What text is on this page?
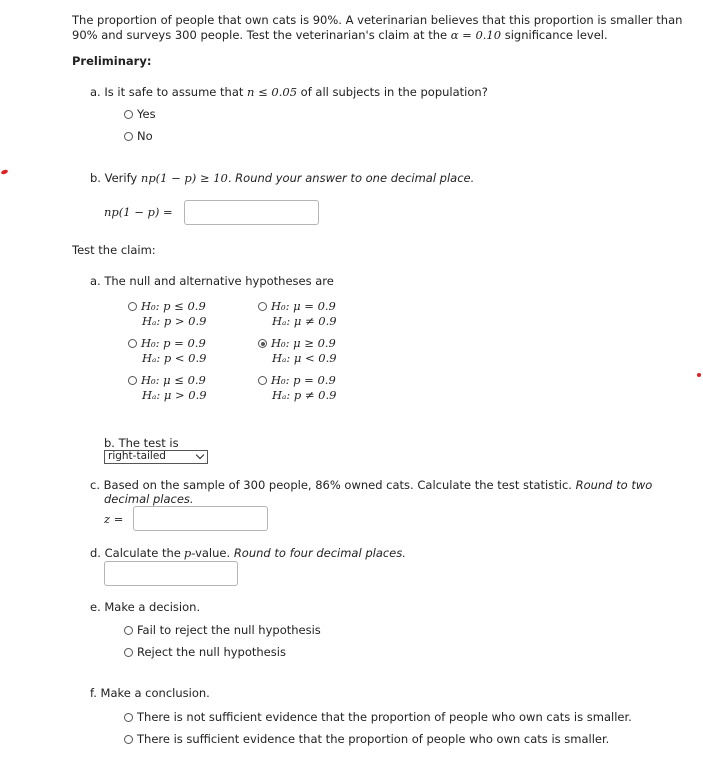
The proportion of people that own cats is 90%. A veterinarian believes that this proportion is smaller than
90% and surveys 300 people. Test the veterinarian's claim at the α = 0.10 significance level.
Preliminary:
a. Is it safe to assume that n ≤ 0.05 of all subjects in the population?
Yes
No
b. Verify np(1 − p) ≥ 10. Round your answer to one decimal place.
np(1 − p) =
Test the claim:
a. The null and alternative hypotheses are
H₀: p ≤ 0.9
Hₐ: p > 0.9
H₀: μ = 0.9
Hₐ: μ ≠ 0.9
H₀: p = 0.9
Hₐ: p < 0.9
H₀: μ ≥ 0.9
Hₐ: μ < 0.9
H₀: μ ≤ 0.9
Hₐ: μ > 0.9
H₀: p = 0.9
Hₐ: p ≠ 0.9
b. The test is
right-tailed
c. Based on the sample of 300 people, 86% owned cats. Calculate the test statistic. Round to two
decimal places.
z =
d. Calculate the p-value. Round to four decimal places.
e. Make a decision.
Fail to reject the null hypothesis
Reject the null hypothesis
f. Make a conclusion.
There is not sufficient evidence that the proportion of people who own cats is smaller.
There is sufficient evidence that the proportion of people who own cats is smaller.
